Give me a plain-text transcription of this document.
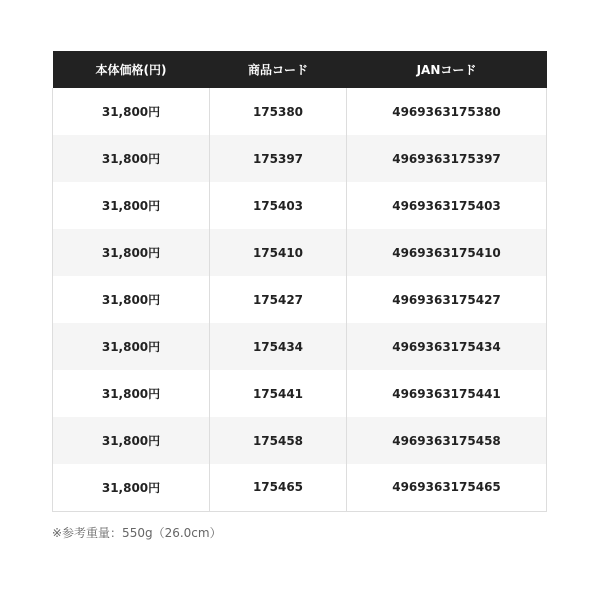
本体価格(円)	商品コード	JANコード
31,800円	175380	4969363175380
31,800円	175397	4969363175397
31,800円	175403	4969363175403
31,800円	175410	4969363175410
31,800円	175427	4969363175427
31,800円	175434	4969363175434
31,800円	175441	4969363175441
31,800円	175458	4969363175458
31,800円	175465	4969363175465
※参考重量：550g（26.0cm）
